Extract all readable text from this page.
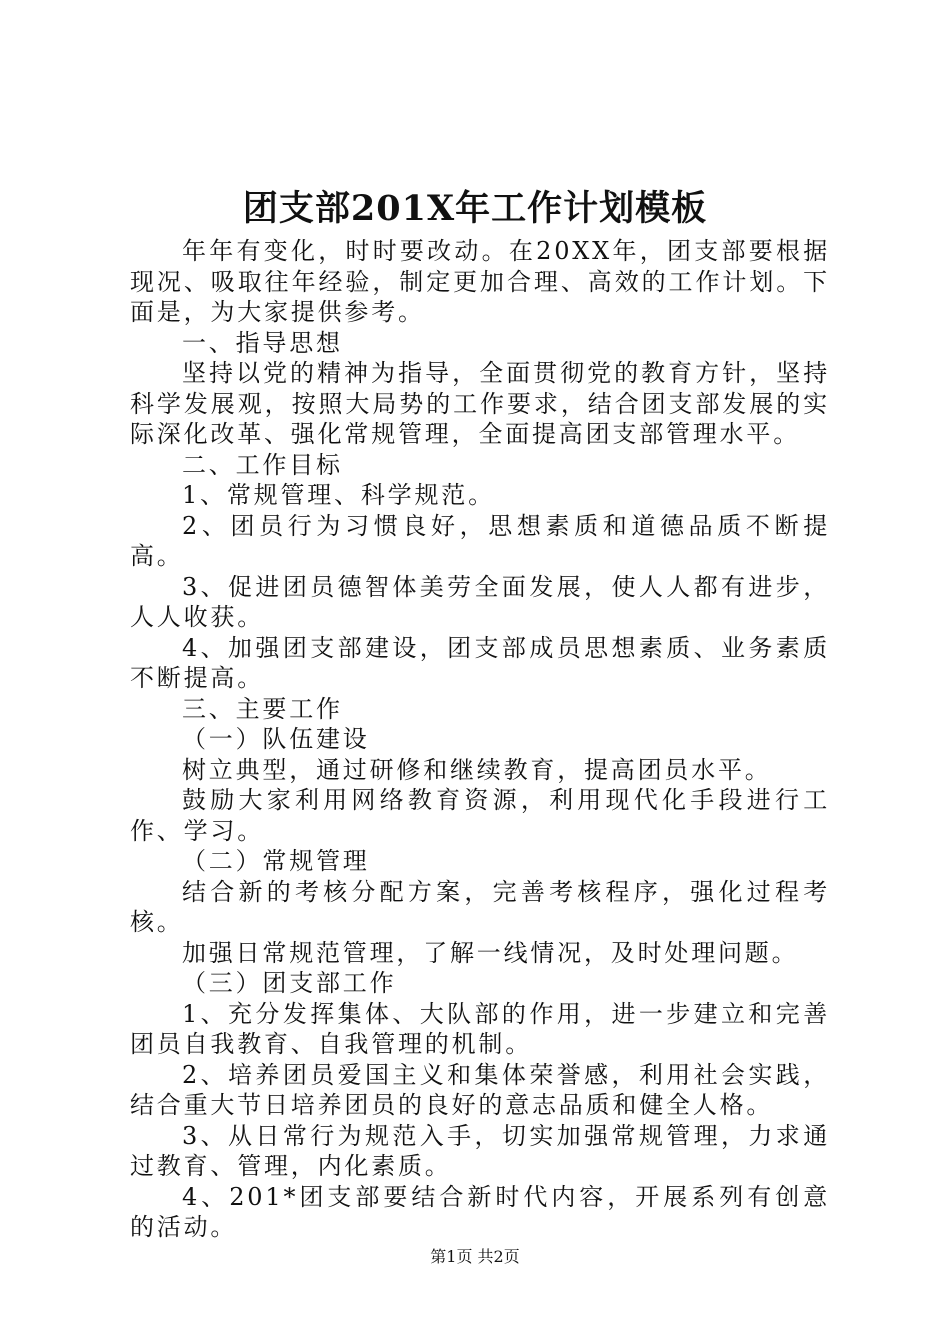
团支部201X年工作计划模板

年年有变化，时时要改动。在20XX年，团支部要根据现况、吸取往年经验，制定更加合理、高效的工作计划。下面是，为大家提供参考。

一、指导思想

坚持以党的精神为指导，全面贯彻党的教育方针，坚持科学发展观，按照大局势的工作要求，结合团支部发展的实际深化改革、强化常规管理，全面提高团支部管理水平。

二、工作目标

1、常规管理、科学规范。

2、团员行为习惯良好，思想素质和道德品质不断提高。

3、促进团员德智体美劳全面发展，使人人都有进步，人人收获。

4、加强团支部建设，团支部成员思想素质、业务素质不断提高。

三、主要工作

（一）队伍建设

树立典型，通过研修和继续教育，提高团员水平。

鼓励大家利用网络教育资源，利用现代化手段进行工作、学习。

（二）常规管理

结合新的考核分配方案，完善考核程序，强化过程考核。

加强日常规范管理，了解一线情况，及时处理问题。

（三）团支部工作

1、充分发挥集体、大队部的作用，进一步建立和完善团员自我教育、自我管理的机制。

2、培养团员爱国主义和集体荣誉感，利用社会实践，结合重大节日培养团员的良好的意志品质和健全人格。

3、从日常行为规范入手，切实加强常规管理，力求通过教育、管理，内化素质。

4、201*团支部要结合新时代内容，开展系列有创意的活动。

第1页 共2页
